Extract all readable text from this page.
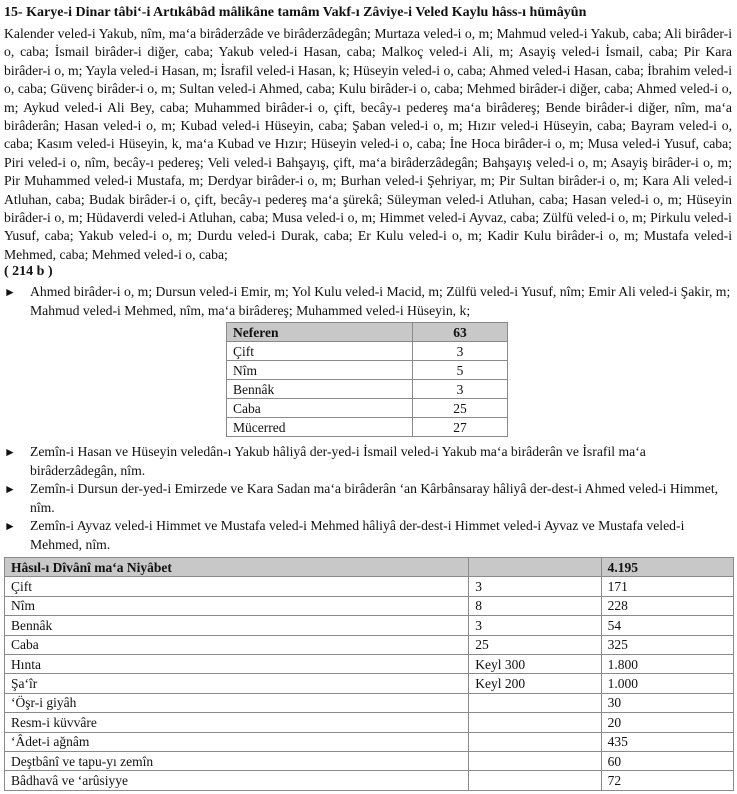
15- Karye-i Dinar tâbi‘-i Artıkâbâd mâlikâne tamâm Vakf-ı Zâviye-i Veled Kaylu hâss-ı hümâyûn

Kalender veled-i Yakub, nîm, ma‘a birâderzâde ve birâderzâdegân; Murtaza veled-i o, m; Mahmud veled-i Yakub, caba; Ali birâder-i o, caba; İsmail birâder-i diğer, caba; Yakub veled-i Hasan, caba; Malkoç veled-i Ali, m; Asayiş veled-i İsmail, caba; Pir Kara birâder-i o, m; Yayla veled-i Hasan, m; İsrafil veled-i Hasan, k; Hüseyin veled-i o, caba; Ahmed veled-i Hasan, caba; İbrahim veled-i o, caba; Güvenç birâder-i o, m; Sultan veled-i Ahmed, caba; Kulu birâder-i o, caba; Mehmed birâder-i diğer, caba; Ahmed veled-i o, m; Aykud veled-i Ali Bey, caba; Muhammed birâder-i o, çift, becây-ı pedereş ma‘a birâdereş; Bende birâder-i diğer, nîm, ma‘a birâderân; Hasan veled-i o, m; Kubad veled-i Hüseyin, caba; Şaban veled-i o, m; Hızır veled-i Hüseyin, caba; Bayram veled-i o, caba; Kasım veled-i Hüseyin, k, ma‘a Kubad ve Hızır; Hüseyin veled-i o, caba; İne Hoca birâder-i o, m; Musa veled-i Yusuf, caba; Piri veled-i o, nîm, becây-ı pedereş; Veli veled-i Bahşayış, çift, ma‘a birâderzâdegân; Bahşayış veled-i o, m; Asayiş birâder-i o, m; Pir Muhammed veled-i Mustafa, m; Derdyar birâder-i o, m; Burhan veled-i Şehriyar, m; Pir Sultan birâder-i o, m; Kara Ali veled-i Atluhan, caba; Budak birâder-i o, çift, becây-ı pedereş ma‘a şürekâ; Süleyman veled-i Atluhan, caba; Hasan veled-i o, m; Hüseyin birâder-i o, m; Hüdaverdi veled-i Atluhan, caba; Musa veled-i o, m; Himmet veled-i Ayvaz, caba; Zülfü veled-i o, m; Pirkulu veled-i Yusuf, caba; Yakub veled-i o, m; Durdu veled-i Durak, caba; Er Kulu veled-i o, m; Kadir Kulu birâder-i o, m; Mustafa veled-i Mehmed, caba; Mehmed veled-i o, caba;

( 214 b )
►	Ahmed birâder-i o, m; Dursun veled-i Emir, m; Yol Kulu veled-i Macid, m; Zülfü veled-i Yusuf, nîm; Emir Ali veled-i Şakir, m; Mahmud veled-i Mehmed, nîm, ma‘a birâdereş; Muhammed veled-i Hüseyin, k;
Neferen	63
Çift	3
Nîm	5
Bennâk	3
Caba	25
Mücerred	27
►	Zemîn-i Hasan ve Hüseyin veledân-ı Yakub hâliyâ der-yed-i İsmail veled-i Yakub ma‘a birâderân ve İsrafil ma‘a birâderzâdegân, nîm.
►	Zemîn-i Dursun der-yed-i Emirzede ve Kara Sadan ma‘a birâderân ‘an Kârbânsaray hâliyâ der-dest-i Ahmed veled-i Himmet, nîm.
►	Zemîn-i Ayvaz veled-i Himmet ve Mustafa veled-i Mehmed hâliyâ der-dest-i Himmet veled-i Ayvaz ve Mustafa veled-i Mehmed, nîm.
Hâsıl-ı Dîvânî ma‘a Niyâbet		4.195
Çift	3	171
Nîm	8	228
Bennâk	3	54
Caba	25	325
Hınta	Keyl 300	1.800
Şa‘îr	Keyl 200	1.000
‘Öşr-i giyâh		30
Resm-i küvvâre		20
‘Âdet-i ağnâm		435
Deştbânî ve tapu-yı zemîn		60
Bâdhavâ ve ‘arûsiyye		72
